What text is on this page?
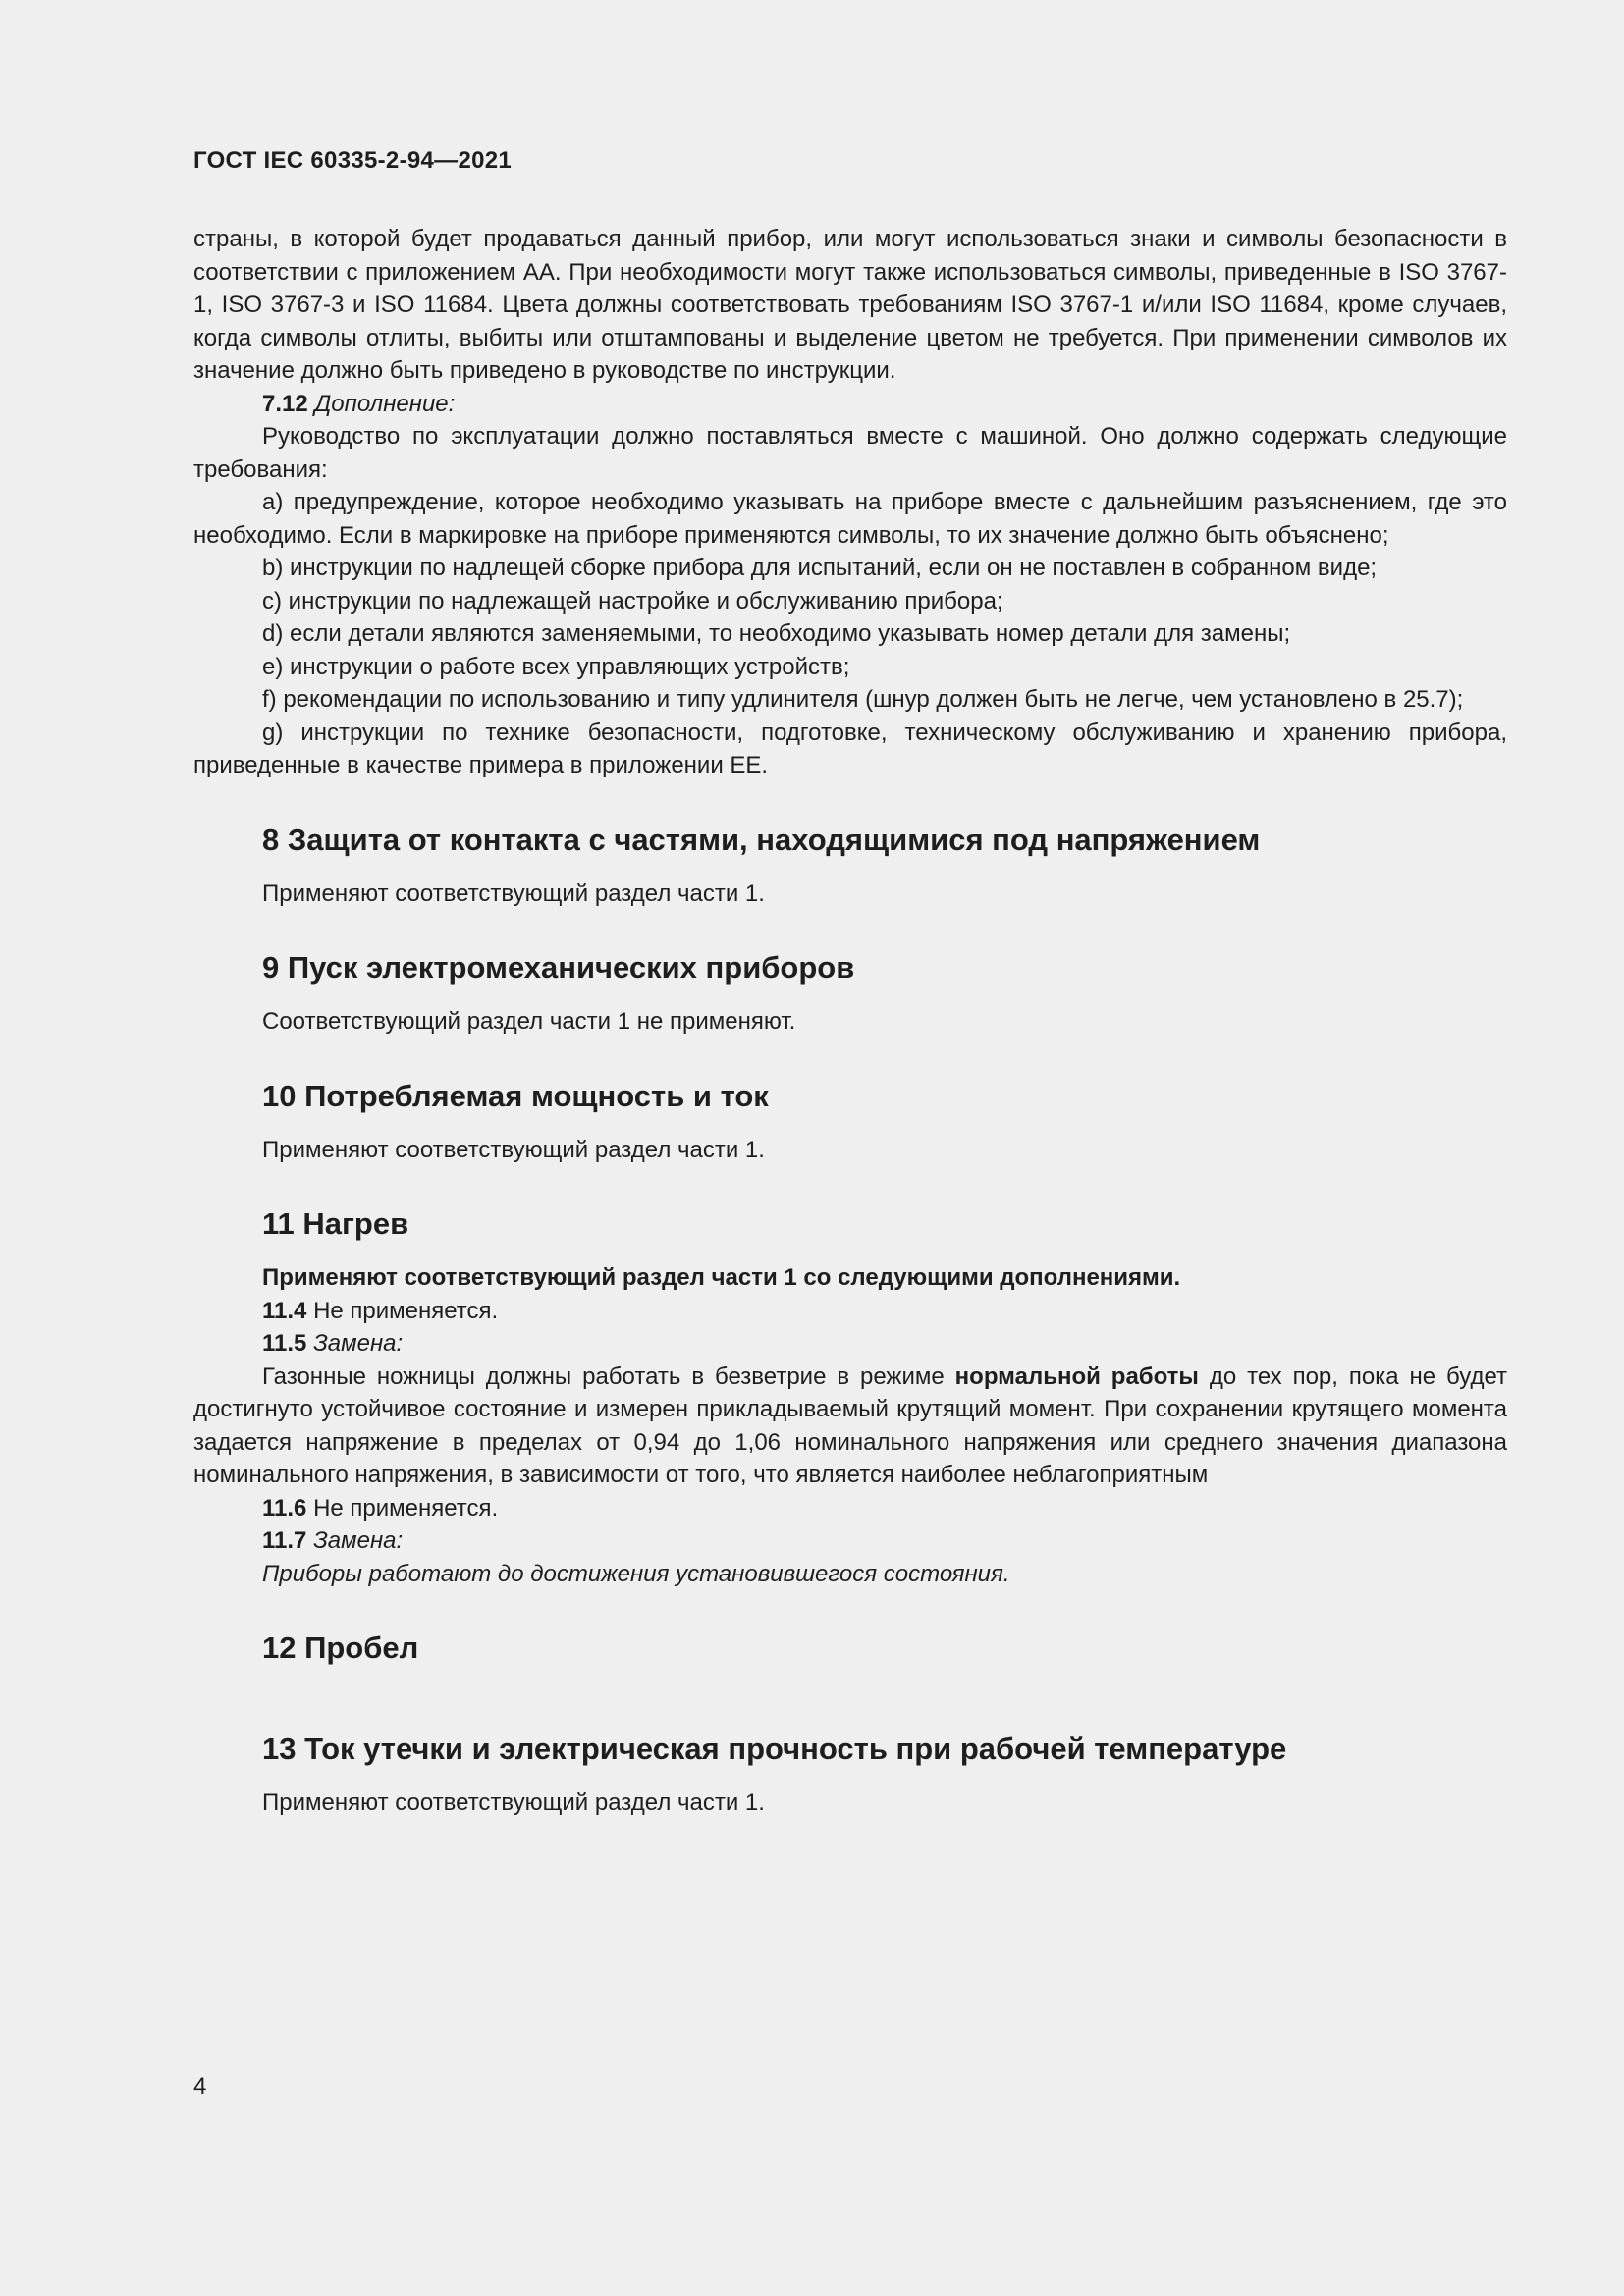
ГОСТ IEC 60335-2-94—2021

страны, в которой будет продаваться данный прибор, или могут использоваться знаки и символы безопасности в соответствии с приложением АА. При необходимости могут также использоваться символы, приведенные в ISO 3767-1, ISO 3767-3 и ISO 11684. Цвета должны соответствовать требованиям ISO 3767-1 и/или ISO 11684, кроме случаев, когда символы отлиты, выбиты или отштампованы и выделение цветом не требуется. При применении символов их значение должно быть приведено в руководстве по инструкции.

7.12 Дополнение:

Руководство по эксплуатации должно поставляться вместе с машиной. Оно должно содержать следующие требования:

a) предупреждение, которое необходимо указывать на приборе вместе с дальнейшим разъяснением, где это необходимо. Если в маркировке на приборе применяются символы, то их значение должно быть объяснено;

b) инструкции по надлещей сборке прибора для испытаний, если он не поставлен в собранном виде;

c) инструкции по надлежащей настройке и обслуживанию прибора;

d) если детали являются заменяемыми, то необходимо указывать номер детали для замены;

e) инструкции о работе всех управляющих устройств;

f) рекомендации по использованию и типу удлинителя (шнур должен быть не легче, чем установлено в 25.7);

g) инструкции по технике безопасности, подготовке, техническому обслуживанию и хранению прибора, приведенные в качестве примера в приложении ЕЕ.

8 Защита от контакта с частями, находящимися под напряжением

Применяют соответствующий раздел части 1.

9 Пуск электромеханических приборов

Соответствующий раздел части 1 не применяют.

10 Потребляемая мощность и ток

Применяют соответствующий раздел части 1.

11 Нагрев

Применяют соответствующий раздел части 1 со следующими дополнениями.

11.4 Не применяется.

11.5 Замена:

Газонные ножницы должны работать в безветрие в режиме нормальной работы до тех пор, пока не будет достигнуто устойчивое состояние и измерен прикладываемый крутящий момент. При сохранении крутящего момента задается напряжение в пределах от 0,94 до 1,06 номинального напряжения или среднего значения диапазона номинального напряжения, в зависимости от того, что является наиболее неблагоприятным

11.6 Не применяется.

11.7 Замена:

Приборы работают до достижения установившегося состояния.

12 Пробел
13 Ток утечки и электрическая прочность при рабочей температуре

Применяют соответствующий раздел части 1.

4
